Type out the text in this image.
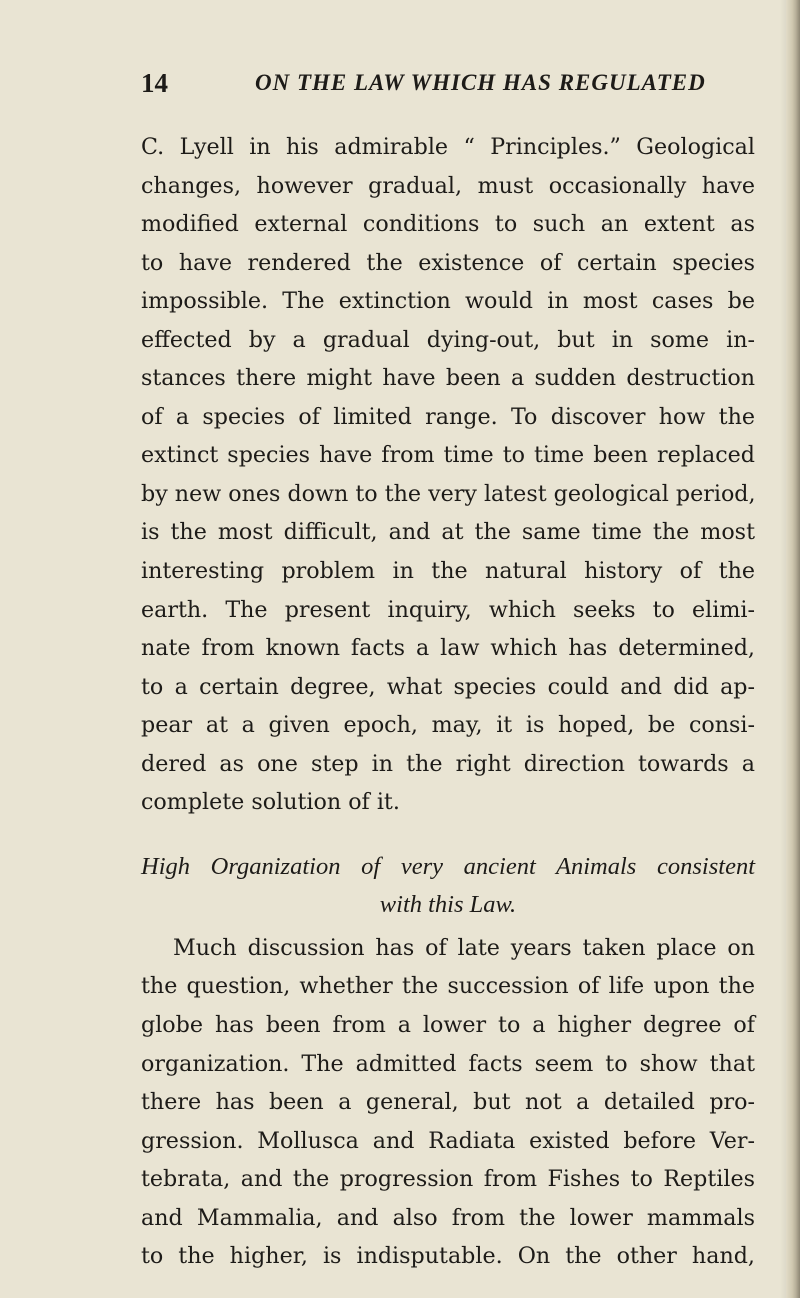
14	ON THE LAW WHICH HAS REGULATED
C. Lyell in his admirable “ Principles.” Geological
changes, however gradual, must occasionally have
modified external conditions to such an extent as
to have rendered the existence of certain species
impossible. The extinction would in most cases be
effected by a gradual dying-out, but in some in-
stances there might have been a sudden destruction
of a species of limited range. To discover how the
extinct species have from time to time been replaced
by new ones down to the very latest geological period,
is the most difficult, and at the same time the most
interesting problem in the natural history of the
earth. The present inquiry, which seeks to elimi-
nate from known facts a law which has determined,
to a certain degree, what species could and did ap-
pear at a given epoch, may, it is hoped, be consi-
dered as one step in the right direction towards a
complete solution of it.
High Organization of very ancient Animals consistent
with this Law.
Much discussion has of late years taken place on
the question, whether the succession of life upon the
globe has been from a lower to a higher degree of
organization. The admitted facts seem to show that
there has been a general, but not a detailed pro-
gression. Mollusca and Radiata existed before Ver-
tebrata, and the progression from Fishes to Reptiles
and Mammalia, and also from the lower mammals
to the higher, is indisputable. On the other hand,
